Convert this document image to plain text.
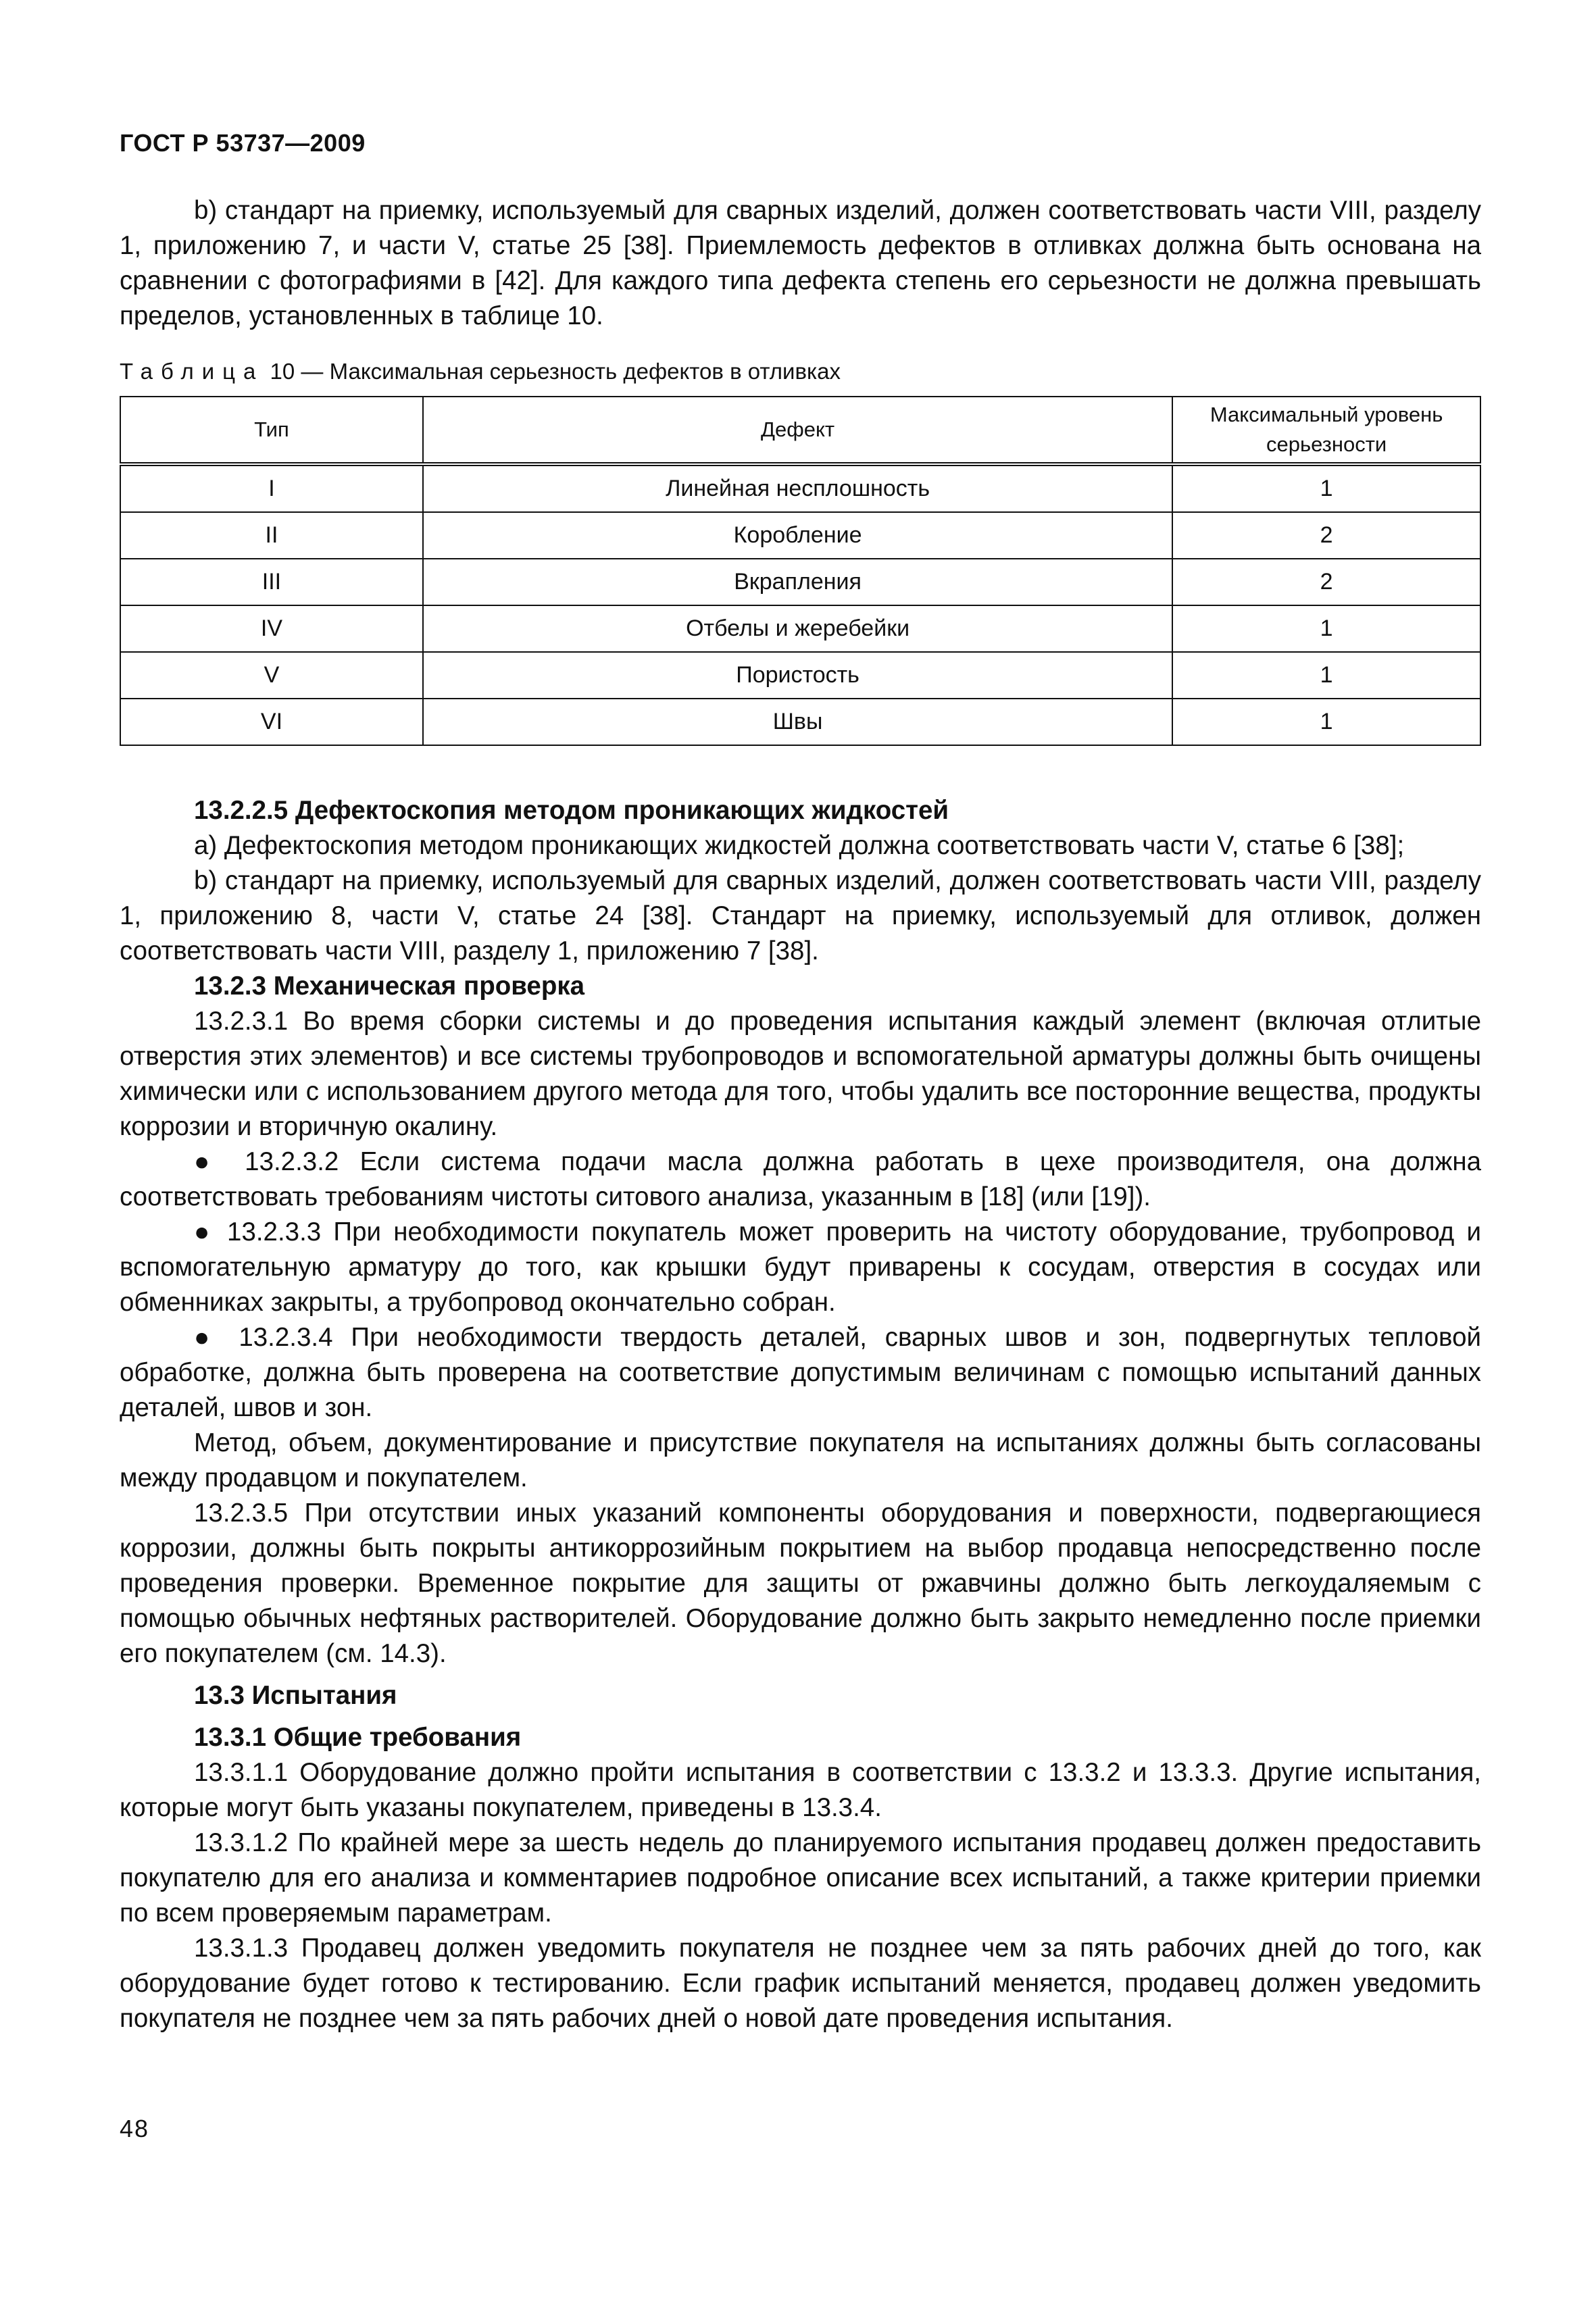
ГОСТ Р 53737—2009

b) стандарт на приемку, используемый для сварных изделий, должен соответствовать части VIII, разделу 1, приложению 7, и части V, статье 25 [38]. Приемлемость дефектов в отливках должна быть основана на сравнении с фотографиями в [42]. Для каждого типа дефекта степень его серьезности не должна превышать пределов, установленных в таблице 10.

Таблица 10 — Максимальная серьезность дефектов в отливках
Тип	Дефект	Максимальный уровень серьезности
I	Линейная несплошность	1
II	Коробление	2
III	Вкрапления	2
IV	Отбелы и жеребейки	1
V	Пористость	1
VI	Швы	1

13.2.2.5 Дефектоскопия методом проникающих жидкостей

a) Дефектоскопия методом проникающих жидкостей должна соответствовать части V, статье 6 [38];

b) стандарт на приемку, используемый для сварных изделий, должен соответствовать части VIII, разделу 1, приложению 8, части V, статье 24 [38]. Стандарт на приемку, используемый для отливок, должен соответствовать части VIII, разделу 1, приложению 7 [38].

13.2.3 Механическая проверка

13.2.3.1 Во время сборки системы и до проведения испытания каждый элемент (включая отлитые отверстия этих элементов) и все системы трубопроводов и вспомогательной арматуры должны быть очищены химически или с использованием другого метода для того, чтобы удалить все посторонние вещества, продукты коррозии и вторичную окалину.

● 13.2.3.2 Если система подачи масла должна работать в цехе производителя, она должна соответствовать требованиям чистоты ситового анализа, указанным в [18] (или [19]).

● 13.2.3.3 При необходимости покупатель может проверить на чистоту оборудование, трубопровод и вспомогательную арматуру до того, как крышки будут приварены к сосудам, отверстия в сосудах или обменниках закрыты, а трубопровод окончательно собран.

● 13.2.3.4 При необходимости твердость деталей, сварных швов и зон, подвергнутых тепловой обработке, должна быть проверена на соответствие допустимым величинам с помощью испытаний данных деталей, швов и зон.

Метод, объем, документирование и присутствие покупателя на испытаниях должны быть согласованы между продавцом и покупателем.

13.2.3.5 При отсутствии иных указаний компоненты оборудования и поверхности, подвергающиеся коррозии, должны быть покрыты антикоррозийным покрытием на выбор продавца непосредственно после проведения проверки. Временное покрытие для защиты от ржавчины должно быть легкоудаляемым с помощью обычных нефтяных растворителей. Оборудование должно быть закрыто немедленно после приемки его покупателем (см. 14.3).

13.3 Испытания

13.3.1 Общие требования

13.3.1.1 Оборудование должно пройти испытания в соответствии с 13.3.2 и 13.3.3. Другие испытания, которые могут быть указаны покупателем, приведены в 13.3.4.

13.3.1.2 По крайней мере за шесть недель до планируемого испытания продавец должен предоставить покупателю для его анализа и комментариев подробное описание всех испытаний, а также критерии приемки по всем проверяемым параметрам.

13.3.1.3 Продавец должен уведомить покупателя не позднее чем за пять рабочих дней до того, как оборудование будет готово к тестированию. Если график испытаний меняется, продавец должен уведомить покупателя не позднее чем за пять рабочих дней о новой дате проведения испытания.

48
